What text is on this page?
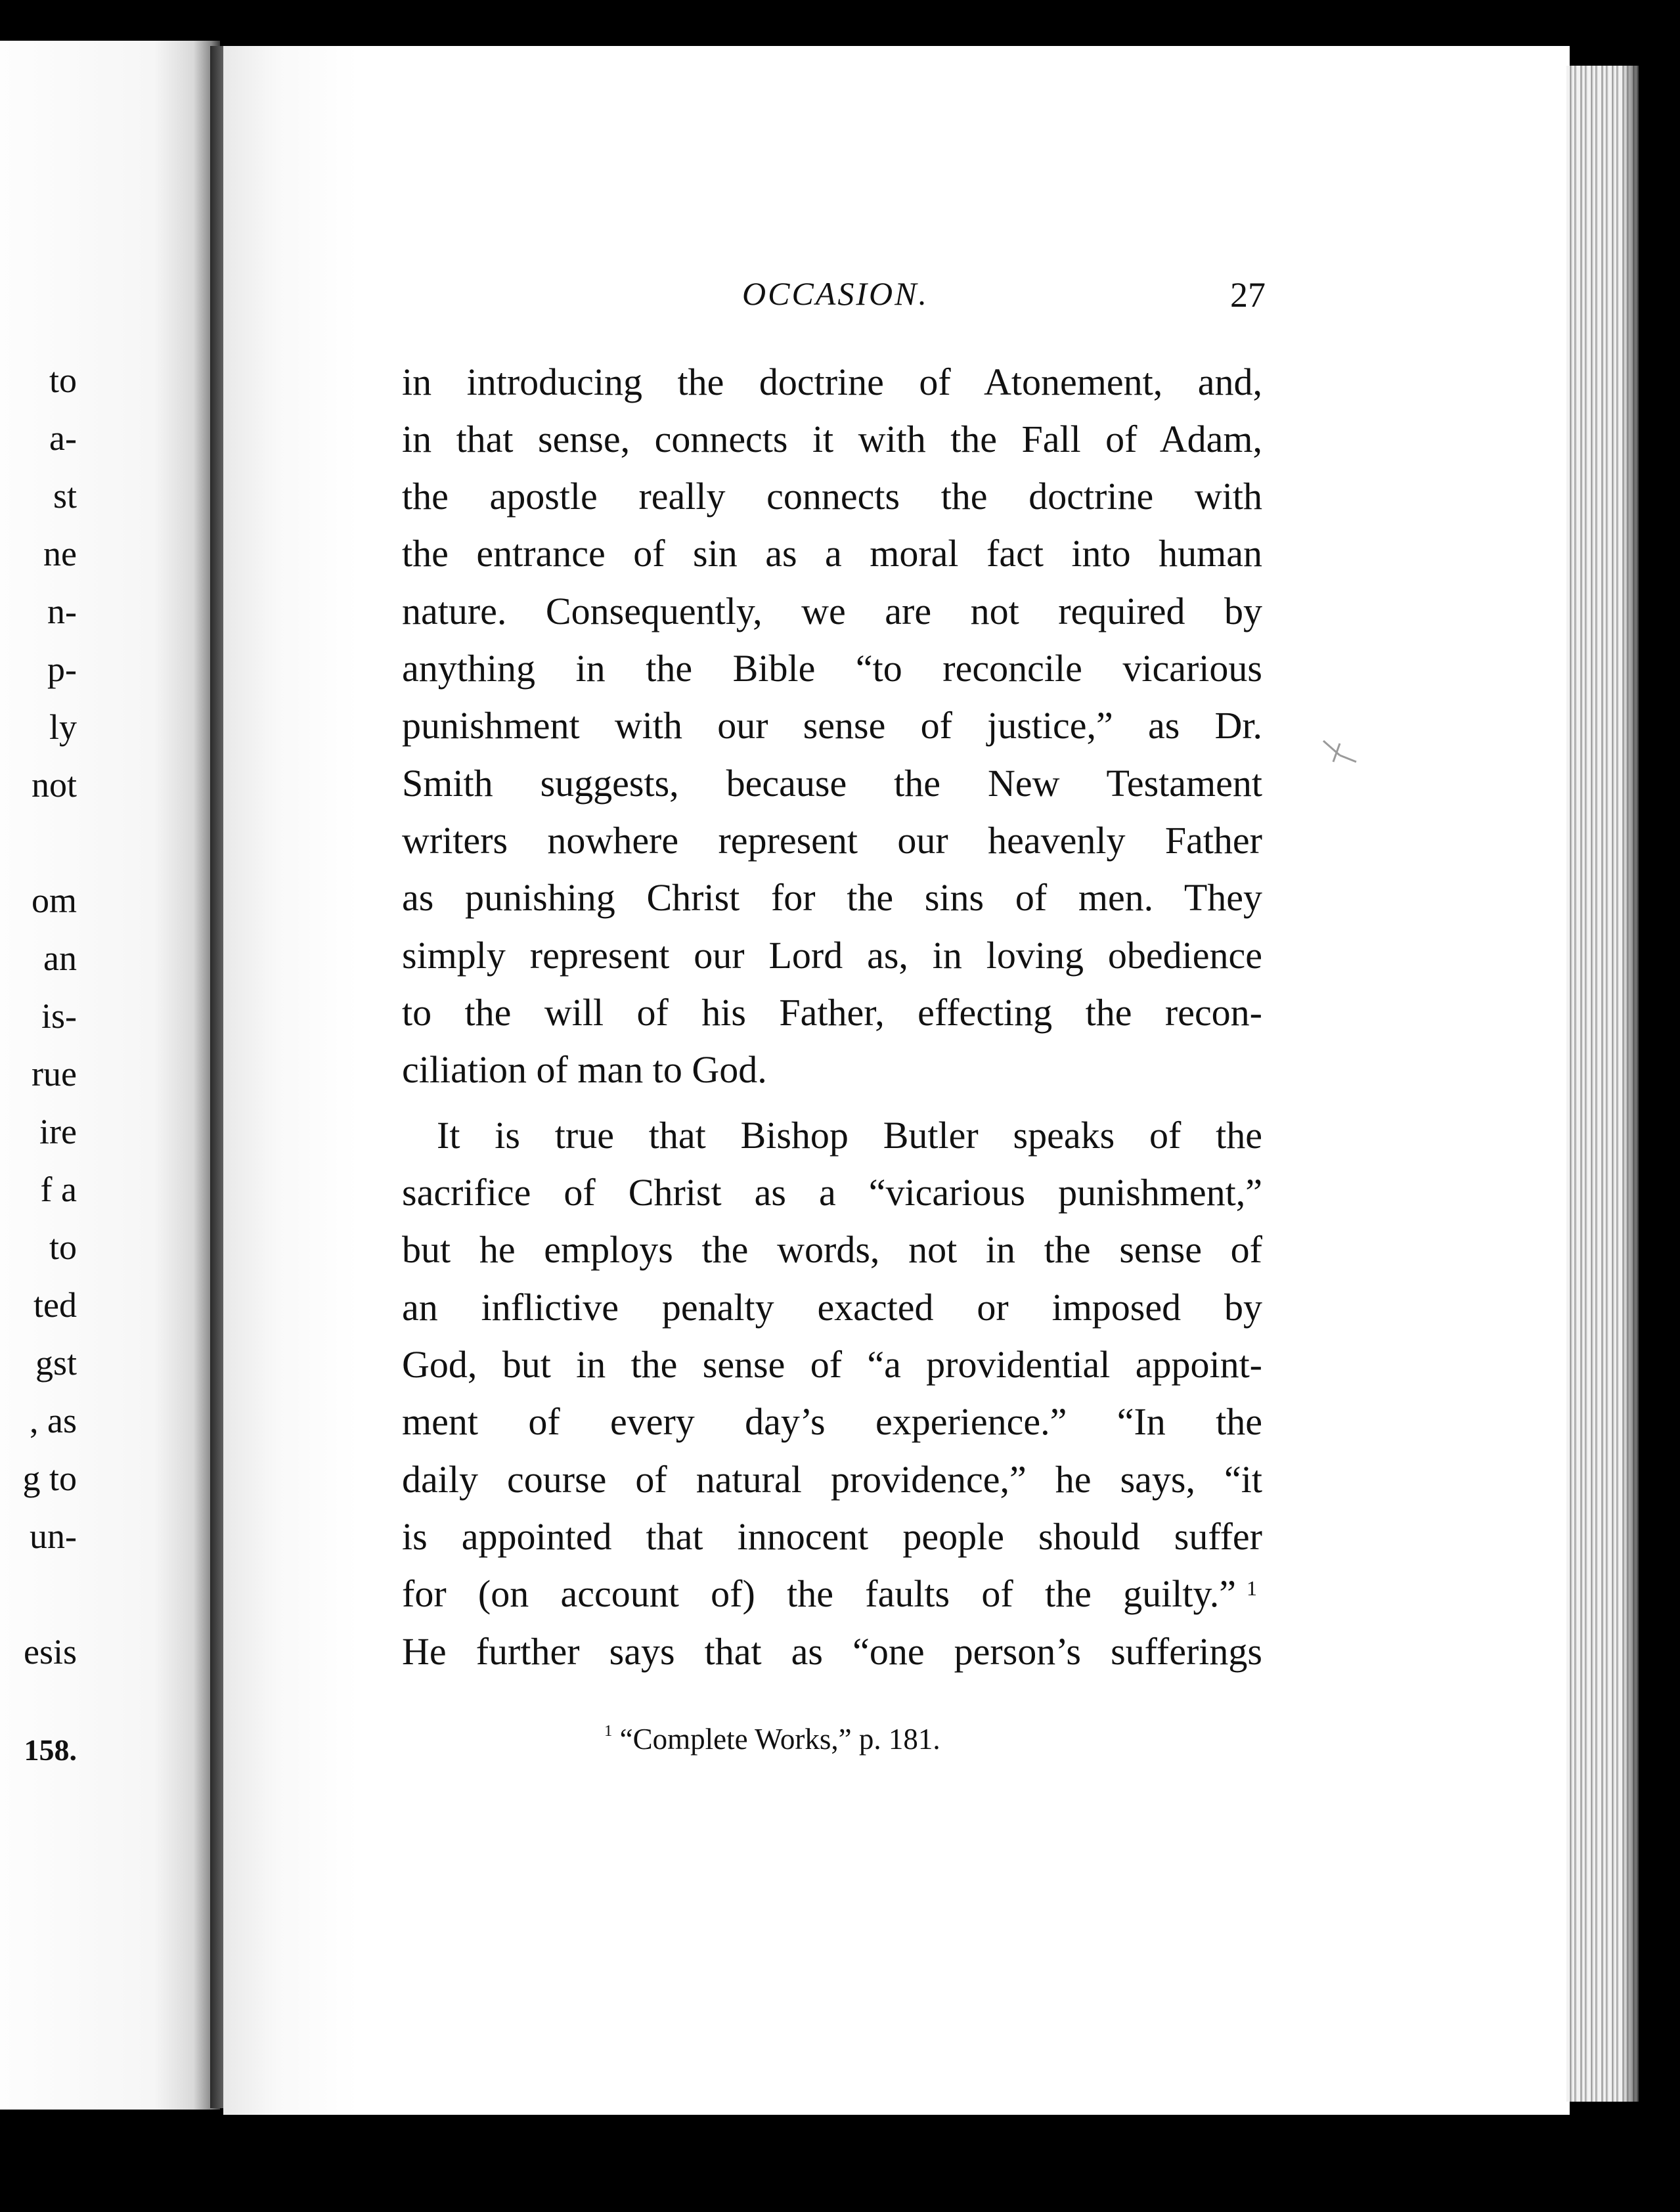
to
a-
st
ne
n-
p-
ly
not
om
an
is-
rue
ire
f a
to
ted
gst
, as
g to
un-
esis
158.
OCCASION.	27
in introducing the doctrine of Atonement, and,
in that sense, connects it with the Fall of Adam,
the apostle really connects the doctrine with
the entrance of sin as a moral fact into human
nature. Consequently, we are not required by
anything in the Bible “to reconcile vicarious
punishment with our sense of justice,” as Dr.
Smith suggests, because the New Testament
writers nowhere represent our heavenly Father
as punishing Christ for the sins of men. They
simply represent our Lord as, in loving obedience
to the will of his Father, effecting the recon-
ciliation of man to God.
It is true that Bishop Butler speaks of the
sacrifice of Christ as a “vicarious punishment,”
but he employs the words, not in the sense of
an inflictive penalty exacted or imposed by
God, but in the sense of “a providential appoint-
ment of every day’s experience.” “In the
daily course of natural providence,” he says, “it
is appointed that innocent people should suffer
for (on account of) the faults of the guilty.” 1
He further says that as “one person’s sufferings
$^1$ “Complete Works,” p. 181.
